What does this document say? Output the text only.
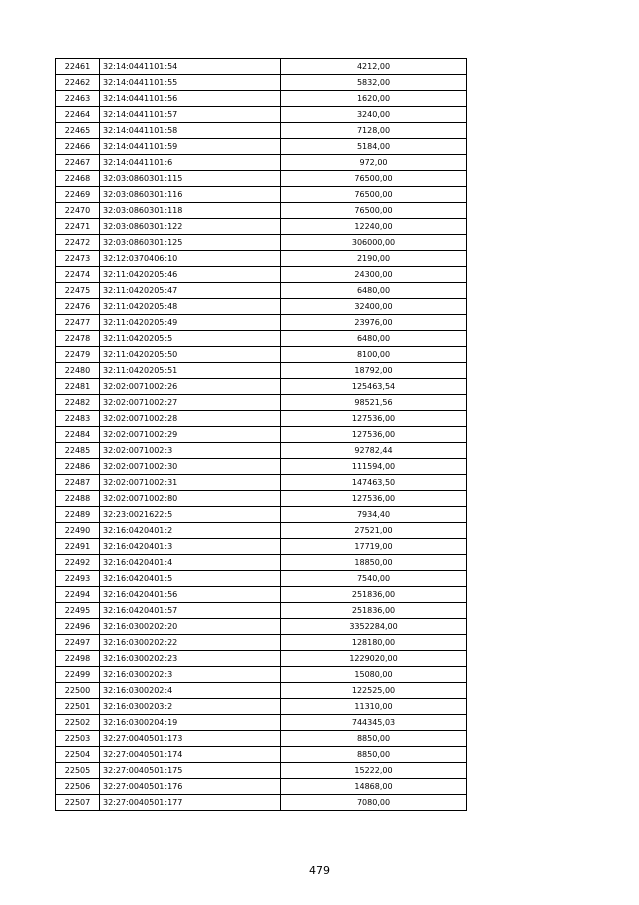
22461	32:14:0441101:54	4212,00
22462	32:14:0441101:55	5832,00
22463	32:14:0441101:56	1620,00
22464	32:14:0441101:57	3240,00
22465	32:14:0441101:58	7128,00
22466	32:14:0441101:59	5184,00
22467	32:14:0441101:6	972,00
22468	32:03:0860301:115	76500,00
22469	32:03:0860301:116	76500,00
22470	32:03:0860301:118	76500,00
22471	32:03:0860301:122	12240,00
22472	32:03:0860301:125	306000,00
22473	32:12:0370406:10	2190,00
22474	32:11:0420205:46	24300,00
22475	32:11:0420205:47	6480,00
22476	32:11:0420205:48	32400,00
22477	32:11:0420205:49	23976,00
22478	32:11:0420205:5	6480,00
22479	32:11:0420205:50	8100,00
22480	32:11:0420205:51	18792,00
22481	32:02:0071002:26	125463,54
22482	32:02:0071002:27	98521,56
22483	32:02:0071002:28	127536,00
22484	32:02:0071002:29	127536,00
22485	32:02:0071002:3	92782,44
22486	32:02:0071002:30	111594,00
22487	32:02:0071002:31	147463,50
22488	32:02:0071002:80	127536,00
22489	32:23:0021622:5	7934,40
22490	32:16:0420401:2	27521,00
22491	32:16:0420401:3	17719,00
22492	32:16:0420401:4	18850,00
22493	32:16:0420401:5	7540,00
22494	32:16:0420401:56	251836,00
22495	32:16:0420401:57	251836,00
22496	32:16:0300202:20	3352284,00
22497	32:16:0300202:22	128180,00
22498	32:16:0300202:23	1229020,00
22499	32:16:0300202:3	15080,00
22500	32:16:0300202:4	122525,00
22501	32:16:0300203:2	11310,00
22502	32:16:0300204:19	744345,03
22503	32:27:0040501:173	8850,00
22504	32:27:0040501:174	8850,00
22505	32:27:0040501:175	15222,00
22506	32:27:0040501:176	14868,00
22507	32:27:0040501:177	7080,00
479
